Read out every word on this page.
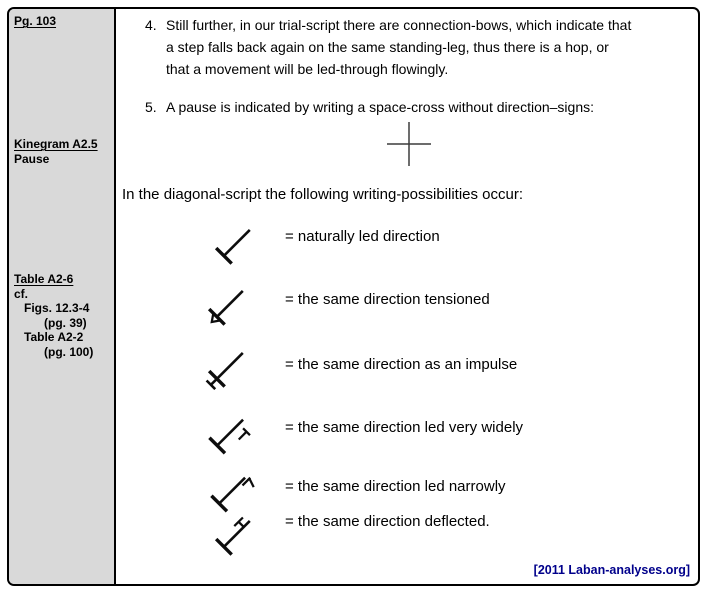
Pg. 103
Kinegram A2.5
Pause
Table A2-6
cf.
Figs. 12.3-4
(pg. 39)
Table A2-2
(pg. 100)
4. Still further, in our trial-script there are connection-bows, which indicate that
a step falls back again on the same standing-leg, thus there is a hop, or
that a movement will be led-through flowingly.
5. A pause is indicated by writing a space-cross without direction–signs:
In the diagonal-script the following writing-possibilities occur:
= naturally led direction
= the same direction tensioned
= the same direction as an impulse
= the same direction led very widely
= the same direction led narrowly
= the same direction deflected.
[2011 Laban-analyses.org]
